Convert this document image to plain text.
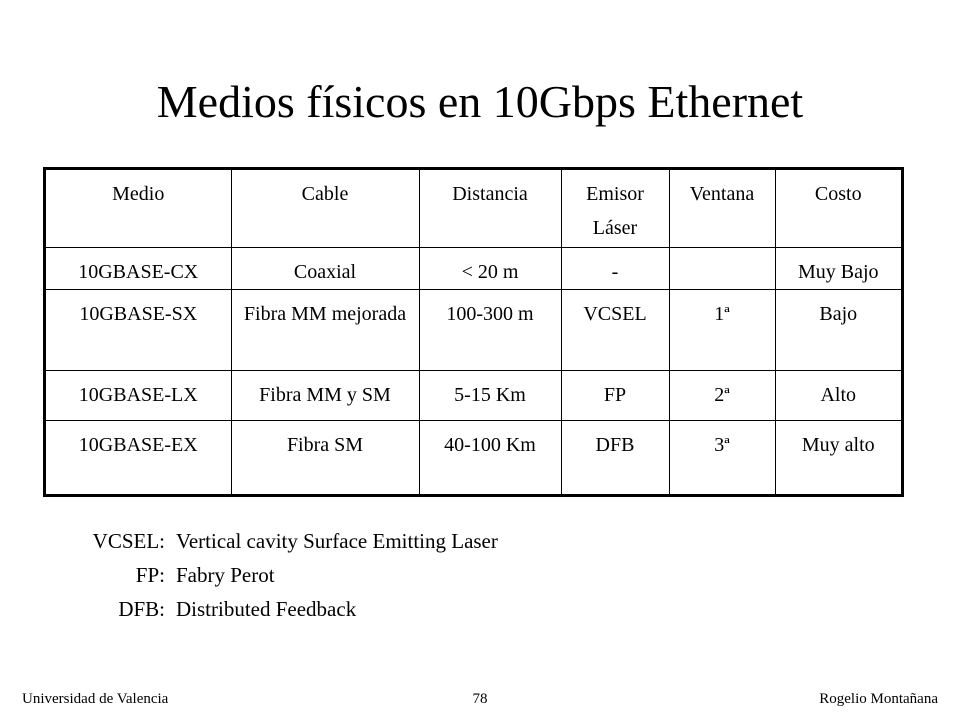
Medios físicos en 10Gbps Ethernet
Medio	Cable	Distancia	Emisor Láser	Ventana	Costo
10GBASE-CX	Coaxial	< 20 m	-		Muy Bajo
10GBASE-SX	Fibra MM mejorada	100-300 m	VCSEL	1ª	Bajo
10GBASE-LX	Fibra MM y SM	5-15 Km	FP	2ª	Alto
10GBASE-EX	Fibra SM	40-100 Km	DFB	3ª	Muy alto
VCSEL: Vertical cavity Surface Emitting Laser
FP: Fabry Perot
DFB: Distributed Feedback
Universidad de Valencia	78	Rogelio Montañana
